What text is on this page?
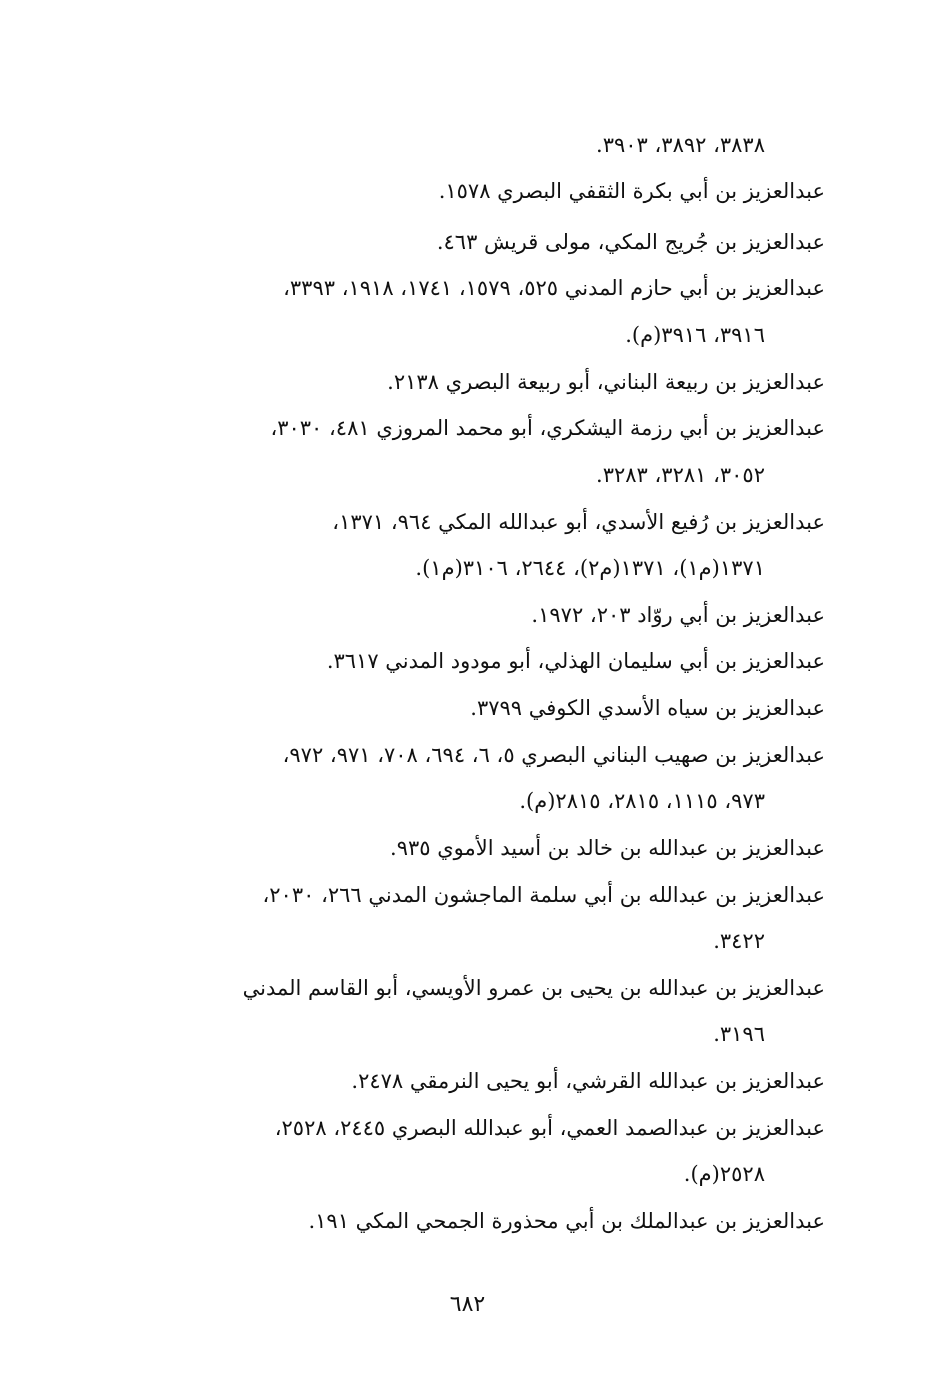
٣٨٣٨، ٣٨٩٢، ٣٩٠٣.
عبدالعزيز بن أبي بكرة الثقفي البصري ١٥٧٨.
عبدالعزيز بن جُريج المكي، مولى قريش ٤٦٣.
عبدالعزيز بن أبي حازم المدني ٥٢٥، ١٥٧٩، ١٧٤١، ١٩١٨، ٣٣٩٣،
٣٩١٦، ٣٩١٦(م).
عبدالعزيز بن ربيعة البناني، أبو ربيعة البصري ٢١٣٨.
عبدالعزيز بن أبي رزمة اليشكري، أبو محمد المروزي ٤٨١، ٣٠٣٠،
٣٠٥٢، ٣٢٨١، ٣٢٨٣.
عبدالعزيز بن رُفيع الأسدي، أبو عبدالله المكي ٩٦٤، ١٣٧١،
١٣٧١(م١)، ١٣٧١(م٢)، ٢٦٤٤، ٣١٠٦(م١).
عبدالعزيز بن أبي روّاد ٢٠٣، ١٩٧٢.
عبدالعزيز بن أبي سليمان الهذلي، أبو مودود المدني ٣٦١٧.
عبدالعزيز بن سياه الأسدي الكوفي ٣٧٩٩.
عبدالعزيز بن صهيب البناني البصري ٥، ٦، ٦٩٤، ٧٠٨، ٩٧١، ٩٧٢،
٩٧٣، ١١١٥، ٢٨١٥، ٢٨١٥(م).
عبدالعزيز بن عبدالله بن خالد بن أسيد الأموي ٩٣٥.
عبدالعزيز بن عبدالله بن أبي سلمة الماجشون المدني ٢٦٦، ٢٠٣٠،
٣٤٢٢.
عبدالعزيز بن عبدالله بن يحيى بن عمرو الأويسي، أبو القاسم المدني
٣١٩٦.
عبدالعزيز بن عبدالله القرشي، أبو يحيى النرمقي ٢٤٧٨.
عبدالعزيز بن عبدالصمد العمي، أبو عبدالله البصري ٢٤٤٥، ٢٥٢٨،
٢٥٢٨(م).
عبدالعزيز بن عبدالملك بن أبي محذورة الجمحي المكي ١٩١.
٦٨٢
